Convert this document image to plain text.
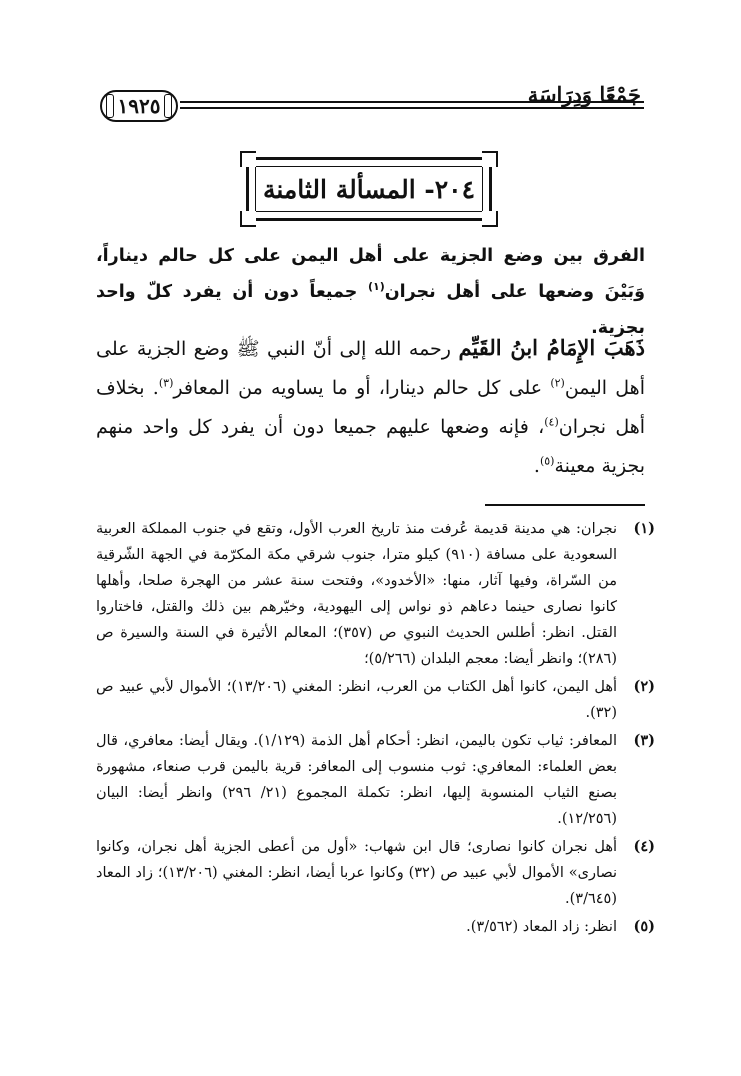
جَمْعًا وَدِرَاسَة
١٩٢٥
٢٠٤- المسألة الثامنة
الفرق بين وضع الجزية على أهل اليمن على كل حالم ديناراً، وَبَيْنَ وضعها على أهل نجران$^{(١)}$ جميعاً دون أن يفرد كلّ واحد بجزية.
ذَهَبَ الإِمَامُ ابنُ القَيِّم رحمه الله إلى أنّ النبي ﷺ وضع الجزية على أهل اليمن$^{(٢)}$ على كل حالم دينارا، أو ما يساويه من المعافر$^{(٣)}$. بخلاف أهل نجران$^{(٤)}$، فإنه وضعها عليهم جميعا دون أن يفرد كل واحد منهم بجزية معينة$^{(٥)}$.
(١)
نجران: هي مدينة قديمة عُرفت منذ تاريخ العرب الأول، وتقع في جنوب المملكة العربية السعودية على مسافة (٩١٠) كيلو مترا، جنوب شرقي مكة المكرّمة في الجهة الشّرقية من السّراة، وفيها آثار، منها: «الأخدود»، وفتحت سنة عشر من الهجرة صلحا، وأهلها كانوا نصارى حينما دعاهم ذو نواس إلى اليهودية، وخيّرهم بين ذلك والقتل، فاختاروا القتل. انظر: أطلس الحديث النبوي ص (٣٥٧)؛ المعالم الأثيرة في السنة والسيرة ص (٢٨٦)؛ وانظر أيضا: معجم البلدان (٥/٢٦٦)؛
(٢)
أهل اليمن، كانوا أهل الكتاب من العرب، انظر: المغني (١٣/٢٠٦)؛ الأموال لأبي عبيد ص (٣٢).
(٣)
المعافر: ثياب تكون باليمن، انظر: أحكام أهل الذمة (١/١٢٩). ويقال أيضا: معافري، قال بعض العلماء: المعافري: ثوب منسوب إلى المعافر: قرية باليمن قرب صنعاء، مشهورة بصنع الثياب المنسوبة إليها، انظر: تكملة المجموع (٢١/ ٢٩٦) وانظر أيضا: البيان (١٢/٢٥٦).
(٤)
أهل نجران كانوا نصارى؛ قال ابن شهاب: «أول من أعطى الجزية أهل نجران، وكانوا نصارى» الأموال لأبي عبيد ص (٣٢) وكانوا عربا أيضا، انظر: المغني (١٣/٢٠٦)؛ زاد المعاد (٣/٦٤٥).
(٥)
انظر: زاد المعاد (٣/٥٦٢).
